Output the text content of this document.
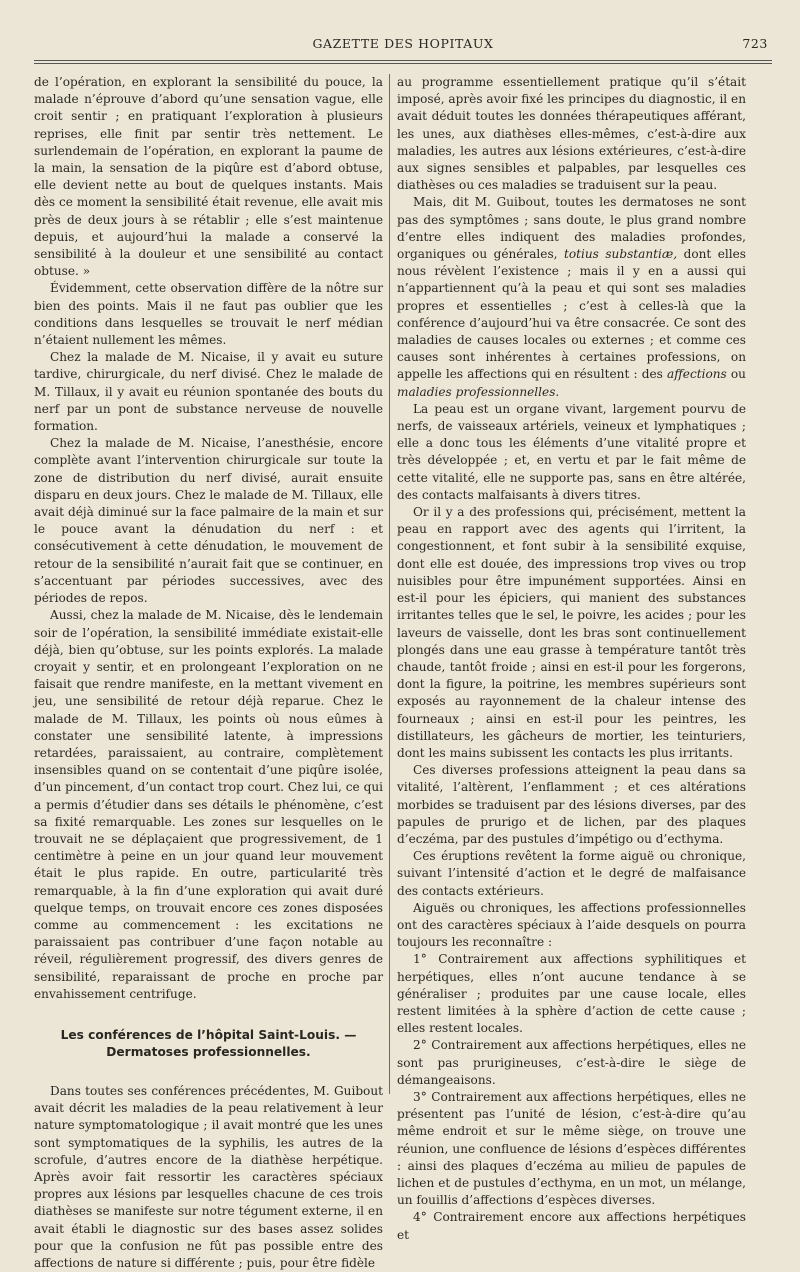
GAZETTE DES HOPITAUX	723

de l’opération, en explorant la sensibilité du pouce, la malade n’éprouve d’abord qu’une sensation vague, elle croit sentir ; en pratiquant l’exploration à plusieurs reprises, elle finit par sentir très nettement. Le surlendemain de l’opération, en explorant la paume de la main, la sensation de la piqûre est d’abord obtuse, elle devient nette au bout de quelques instants. Mais dès ce moment la sensibilité était revenue, elle avait mis près de deux jours à se rétablir ; elle s’est maintenue depuis, et aujourd’hui la malade a conservé la sensibilité à la douleur et une sensibilité au contact obtuse. »

Évidemment, cette observation diffère de la nôtre sur bien des points. Mais il ne faut pas oublier que les conditions dans lesquelles se trouvait le nerf médian n’étaient nullement les mêmes.

Chez la malade de M. Nicaise, il y avait eu suture tardive, chirurgicale, du nerf divisé. Chez le malade de M. Tillaux, il y avait eu réunion spontanée des bouts du nerf par un pont de substance nerveuse de nouvelle formation.

Chez la malade de M. Nicaise, l’anesthésie, encore complète avant l’intervention chirurgicale sur toute la zone de distribution du nerf divisé, aurait ensuite disparu en deux jours. Chez le malade de M. Tillaux, elle avait déjà diminué sur la face palmaire de la main et sur le pouce avant la dénudation du nerf : et consécutivement à cette dénudation, le mouvement de retour de la sensibilité n’aurait fait que se continuer, en s’accentuant par périodes successives, avec des périodes de repos.

Aussi, chez la malade de M. Nicaise, dès le lendemain soir de l’opération, la sensibilité immédiate existait-elle déjà, bien qu’obtuse, sur les points explorés. La malade croyait y sentir, et en prolongeant l’exploration on ne faisait que rendre manifeste, en la mettant vivement en jeu, une sensibilité de retour déjà reparue. Chez le malade de M. Tillaux, les points où nous eûmes à constater une sensibilité latente, à impressions retardées, paraissaient, au contraire, complètement insensibles quand on se contentait d’une piqûre isolée, d’un pincement, d’un contact trop court. Chez lui, ce qui a permis d’étudier dans ses détails le phénomène, c’est sa fixité remarquable. Les zones sur lesquelles on le trouvait ne se déplaçaient que progressivement, de 1 centimètre à peine en un jour quand leur mouvement était le plus rapide. En outre, particularité très remarquable, à la fin d’une exploration qui avait duré quelque temps, on trouvait encore ces zones disposées comme au commencement : les excitations ne paraissaient pas contribuer d’une façon notable au réveil, régulièrement progressif, des divers genres de sensibilité, reparaissant de proche en proche par envahissement centrifuge.

Les conférences de l’hôpital Saint-Louis. — Dermatoses professionnelles.

Dans toutes ses conférences précédentes, M. Guibout avait décrit les maladies de la peau relativement à leur nature symptomatologique ; il avait montré que les unes sont symptomatiques de la syphilis, les autres de la scrofule, d’autres encore de la diathèse herpétique. Après avoir fait ressortir les caractères spéciaux propres aux lésions par lesquelles chacune de ces trois diathèses se manifeste sur notre tégument externe, il en avait établi le diagnostic sur des bases assez solides pour que la confusion ne fût pas possible entre des affections de nature si différente ; puis, pour être fidèle

au programme essentiellement pratique qu’il s’était imposé, après avoir fixé les principes du diagnostic, il en avait déduit toutes les données thérapeutiques afférant, les unes, aux diathèses elles-mêmes, c’est-à-dire aux maladies, les autres aux lésions extérieures, c’est-à-dire aux signes sensibles et palpables, par lesquelles ces diathèses ou ces maladies se traduisent sur la peau.

Mais, dit M. Guibout, toutes les dermatoses ne sont pas des symptômes ; sans doute, le plus grand nombre d’entre elles indiquent des maladies profondes, organiques ou générales, totius substantiæ, dont elles nous révèlent l’existence ; mais il y en a aussi qui n’appartiennent qu’à la peau et qui sont ses maladies propres et essentielles ; c’est à celles-là que la conférence d’aujourd’hui va être consacrée. Ce sont des maladies de causes locales ou externes ; et comme ces causes sont inhérentes à certaines professions, on appelle les affections qui en résultent : des affections ou maladies professionnelles.

La peau est un organe vivant, largement pourvu de nerfs, de vaisseaux artériels, veineux et lymphatiques ; elle a donc tous les éléments d’une vitalité propre et très développée ; et, en vertu et par le fait même de cette vitalité, elle ne supporte pas, sans en être altérée, des contacts malfaisants à divers titres.

Or il y a des professions qui, précisément, mettent la peau en rapport avec des agents qui l’irritent, la congestionnent, et font subir à la sensibilité exquise, dont elle est douée, des impressions trop vives ou trop nuisibles pour être impunément supportées. Ainsi en est-il pour les épiciers, qui manient des substances irritantes telles que le sel, le poivre, les acides ; pour les laveurs de vaisselle, dont les bras sont continuellement plongés dans une eau grasse à température tantôt très chaude, tantôt froide ; ainsi en est-il pour les forgerons, dont la figure, la poitrine, les membres supérieurs sont exposés au rayonnement de la chaleur intense des fourneaux ; ainsi en est-il pour les peintres, les distillateurs, les gâcheurs de mortier, les teinturiers, dont les mains subissent les contacts les plus irritants.

Ces diverses professions atteignent la peau dans sa vitalité, l’altèrent, l’enflamment ; et ces altérations morbides se traduisent par des lésions diverses, par des papules de prurigo et de lichen, par des plaques d’eczéma, par des pustules d’impétigo ou d’ecthyma.

Ces éruptions revêtent la forme aiguë ou chronique, suivant l’intensité d’action et le degré de malfaisance des contacts extérieurs.

Aiguës ou chroniques, les affections professionnelles ont des caractères spéciaux à l’aide desquels on pourra toujours les reconnaître :

1° Contrairement aux affections syphilitiques et herpétiques, elles n’ont aucune tendance à se généraliser ; produites par une cause locale, elles restent limitées à la sphère d’action de cette cause ; elles restent locales.

2° Contrairement aux affections herpétiques, elles ne sont pas prurigineuses, c’est-à-dire le siège de démangeaisons.

3° Contrairement aux affections herpétiques, elles ne présentent pas l’unité de lésion, c’est-à-dire qu’au même endroit et sur le même siège, on trouve une réunion, une confluence de lésions d’espèces différentes : ainsi des plaques d’eczéma au milieu de papules de lichen et de pustules d’ecthyma, en un mot, un mélange, un fouillis d’affections d’espèces diverses.

4° Contrairement encore aux affections herpétiques et
